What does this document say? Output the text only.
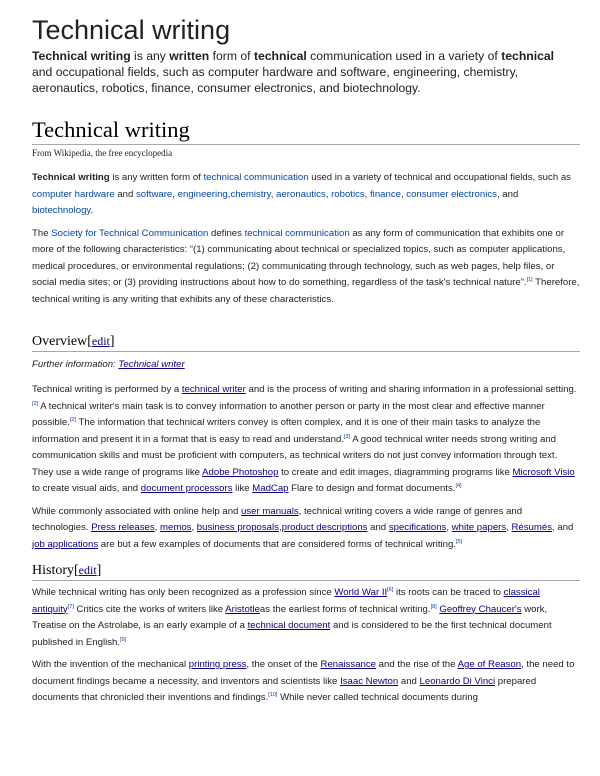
Technical writing

Technical writing is any written form of technical communication used in a variety of technical and occupational fields, such as computer hardware and software, engineering, chemistry, aeronautics, robotics, finance, consumer electronics, and biotechnology.

Technical writing

From Wikipedia, the free encyclopedia

Technical writing is any written form of technical communication used in a variety of technical and occupational fields, such as computer hardware and software, engineering,chemistry, aeronautics, robotics, finance, consumer electronics, and biotechnology.

The Society for Technical Communication defines technical communication as any form of communication that exhibits one or more of the following characteristics: “(1) communicating about technical or specialized topics, such as computer applications, medical procedures, or environmental regulations; (2) communicating through technology, such as web pages, help files, or social media sites; or (3) providing instructions about how to do something, regardless of the task's technical nature”.[1] Therefore, technical writing is any writing that exhibits any of these characteristics.

Overview[edit]

Further information: Technical writer

Technical writing is performed by a technical writer and is the process of writing and sharing information in a professional setting.[2] A technical writer's main task is to convey information to another person or party in the most clear and effective manner possible.[2] The information that technical writers convey is often complex, and it is one of their main tasks to analyze the information and present it in a format that is easy to read and understand.[3] A good technical writer needs strong writing and communication skills and must be proficient with computers, as technical writers do not just convey information through text. They use a wide range of programs like Adobe Photoshop to create and edit images, diagramming programs like Microsoft Visio to create visual aids, and document processors like MadCap Flare to design and format documents.[4]

While commonly associated with online help and user manuals, technical writing covers a wide range of genres and technologies. Press releases, memos, business proposals,product descriptions and specifications, white papers, Résumés, and job applications are but a few examples of documents that are considered forms of technical writing.[5]

History[edit]

While technical writing has only been recognized as a profession since World War II[6] its roots can be traced to classical antiquity[7] Critics cite the works of writers like Aristotleas the earliest forms of technical writing.[8] Geoffrey Chaucer's work, Treatise on the Astrolabe, is an early example of a technical document and is considered to be the first technical document published in English.[9]

With the invention of the mechanical printing press, the onset of the Renaissance and the rise of the Age of Reason, the need to document findings became a necessity, and inventors and scientists like Isaac Newton and Leonardo Di Vinci prepared documents that chronicled their inventions and findings.[10] While never called technical documents during
